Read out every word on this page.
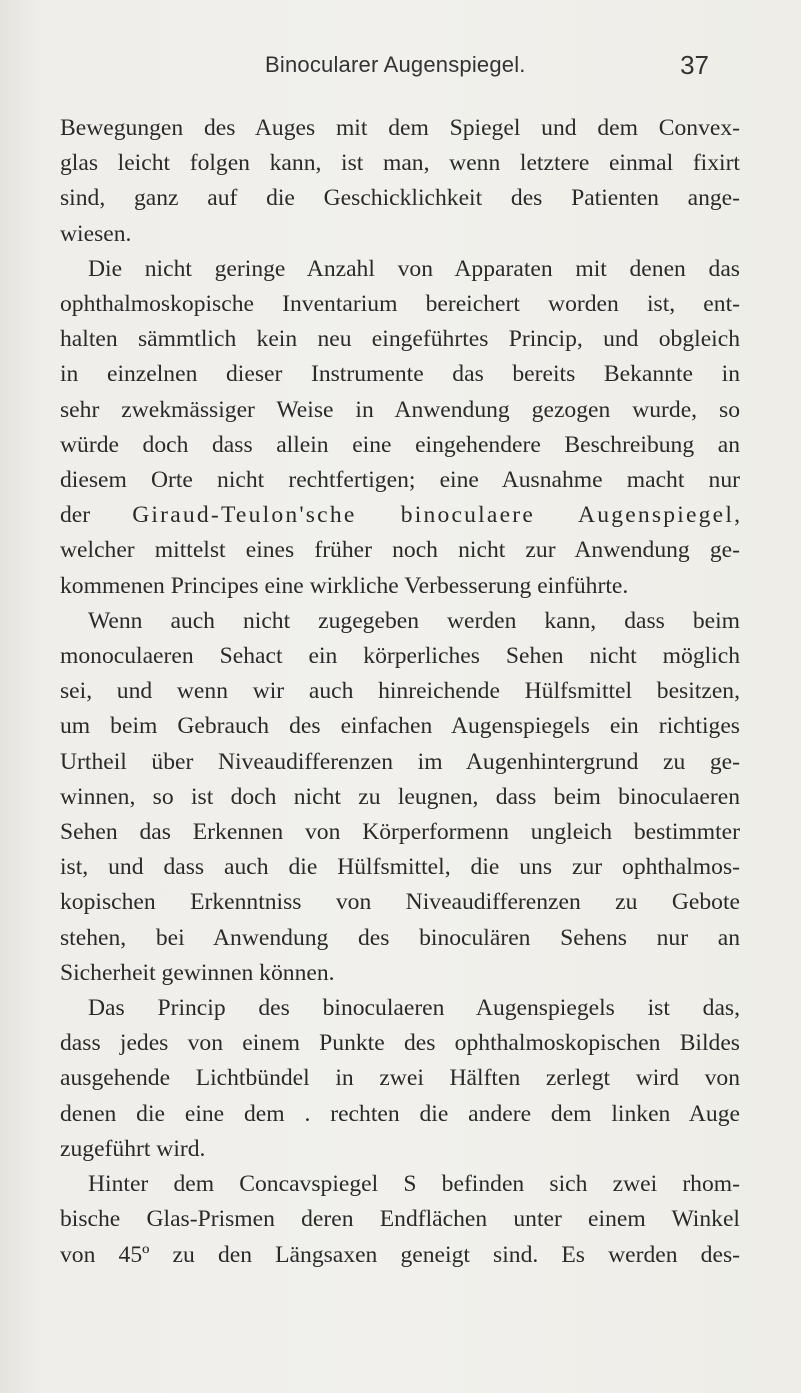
Binocularer Augenspiegel.	37

Bewegungen des Auges mit dem Spiegel und dem Convex-

glas leicht folgen kann, ist man, wenn letztere einmal fixirt

sind, ganz auf die Geschicklichkeit des Patienten ange-

wiesen.

Die nicht geringe Anzahl von Apparaten mit denen das

ophthalmoskopische Inventarium bereichert worden ist, ent-

halten sämmtlich kein neu eingeführtes Princip, und obgleich

in einzelnen dieser Instrumente das bereits Bekannte in

sehr zwekmässiger Weise in Anwendung gezogen wurde, so

würde doch dass allein eine eingehendere Beschreibung an

diesem Orte nicht rechtfertigen; eine Ausnahme macht nur

der Giraud-Teulon'sche binoculaere Augenspiegel,

welcher mittelst eines früher noch nicht zur Anwendung ge-

kommenen Principes eine wirkliche Verbesserung einführte.

Wenn auch nicht zugegeben werden kann, dass beim

monoculaeren Sehact ein körperliches Sehen nicht möglich

sei, und wenn wir auch hinreichende Hülfsmittel besitzen,

um beim Gebrauch des einfachen Augenspiegels ein richtiges

Urtheil über Niveaudifferenzen im Augenhintergrund zu ge-

winnen, so ist doch nicht zu leugnen, dass beim binoculaeren

Sehen das Erkennen von Körperformenn ungleich bestimmter

ist, und dass auch die Hülfsmittel, die uns zur ophthalmos-

kopischen Erkenntniss von Niveaudifferenzen zu Gebote

stehen, bei Anwendung des binoculären Sehens nur an

Sicherheit gewinnen können.

Das Princip des binoculaeren Augenspiegels ist das,

dass jedes von einem Punkte des ophthalmoskopischen Bildes

ausgehende Lichtbündel in zwei Hälften zerlegt wird von

denen die eine dem . rechten die andere dem linken Auge

zugeführt wird.

Hinter dem Concavspiegel S befinden sich zwei rhom-

bische Glas-Prismen deren Endflächen unter einem Winkel

von 45º zu den Längsaxen geneigt sind. Es werden des-
